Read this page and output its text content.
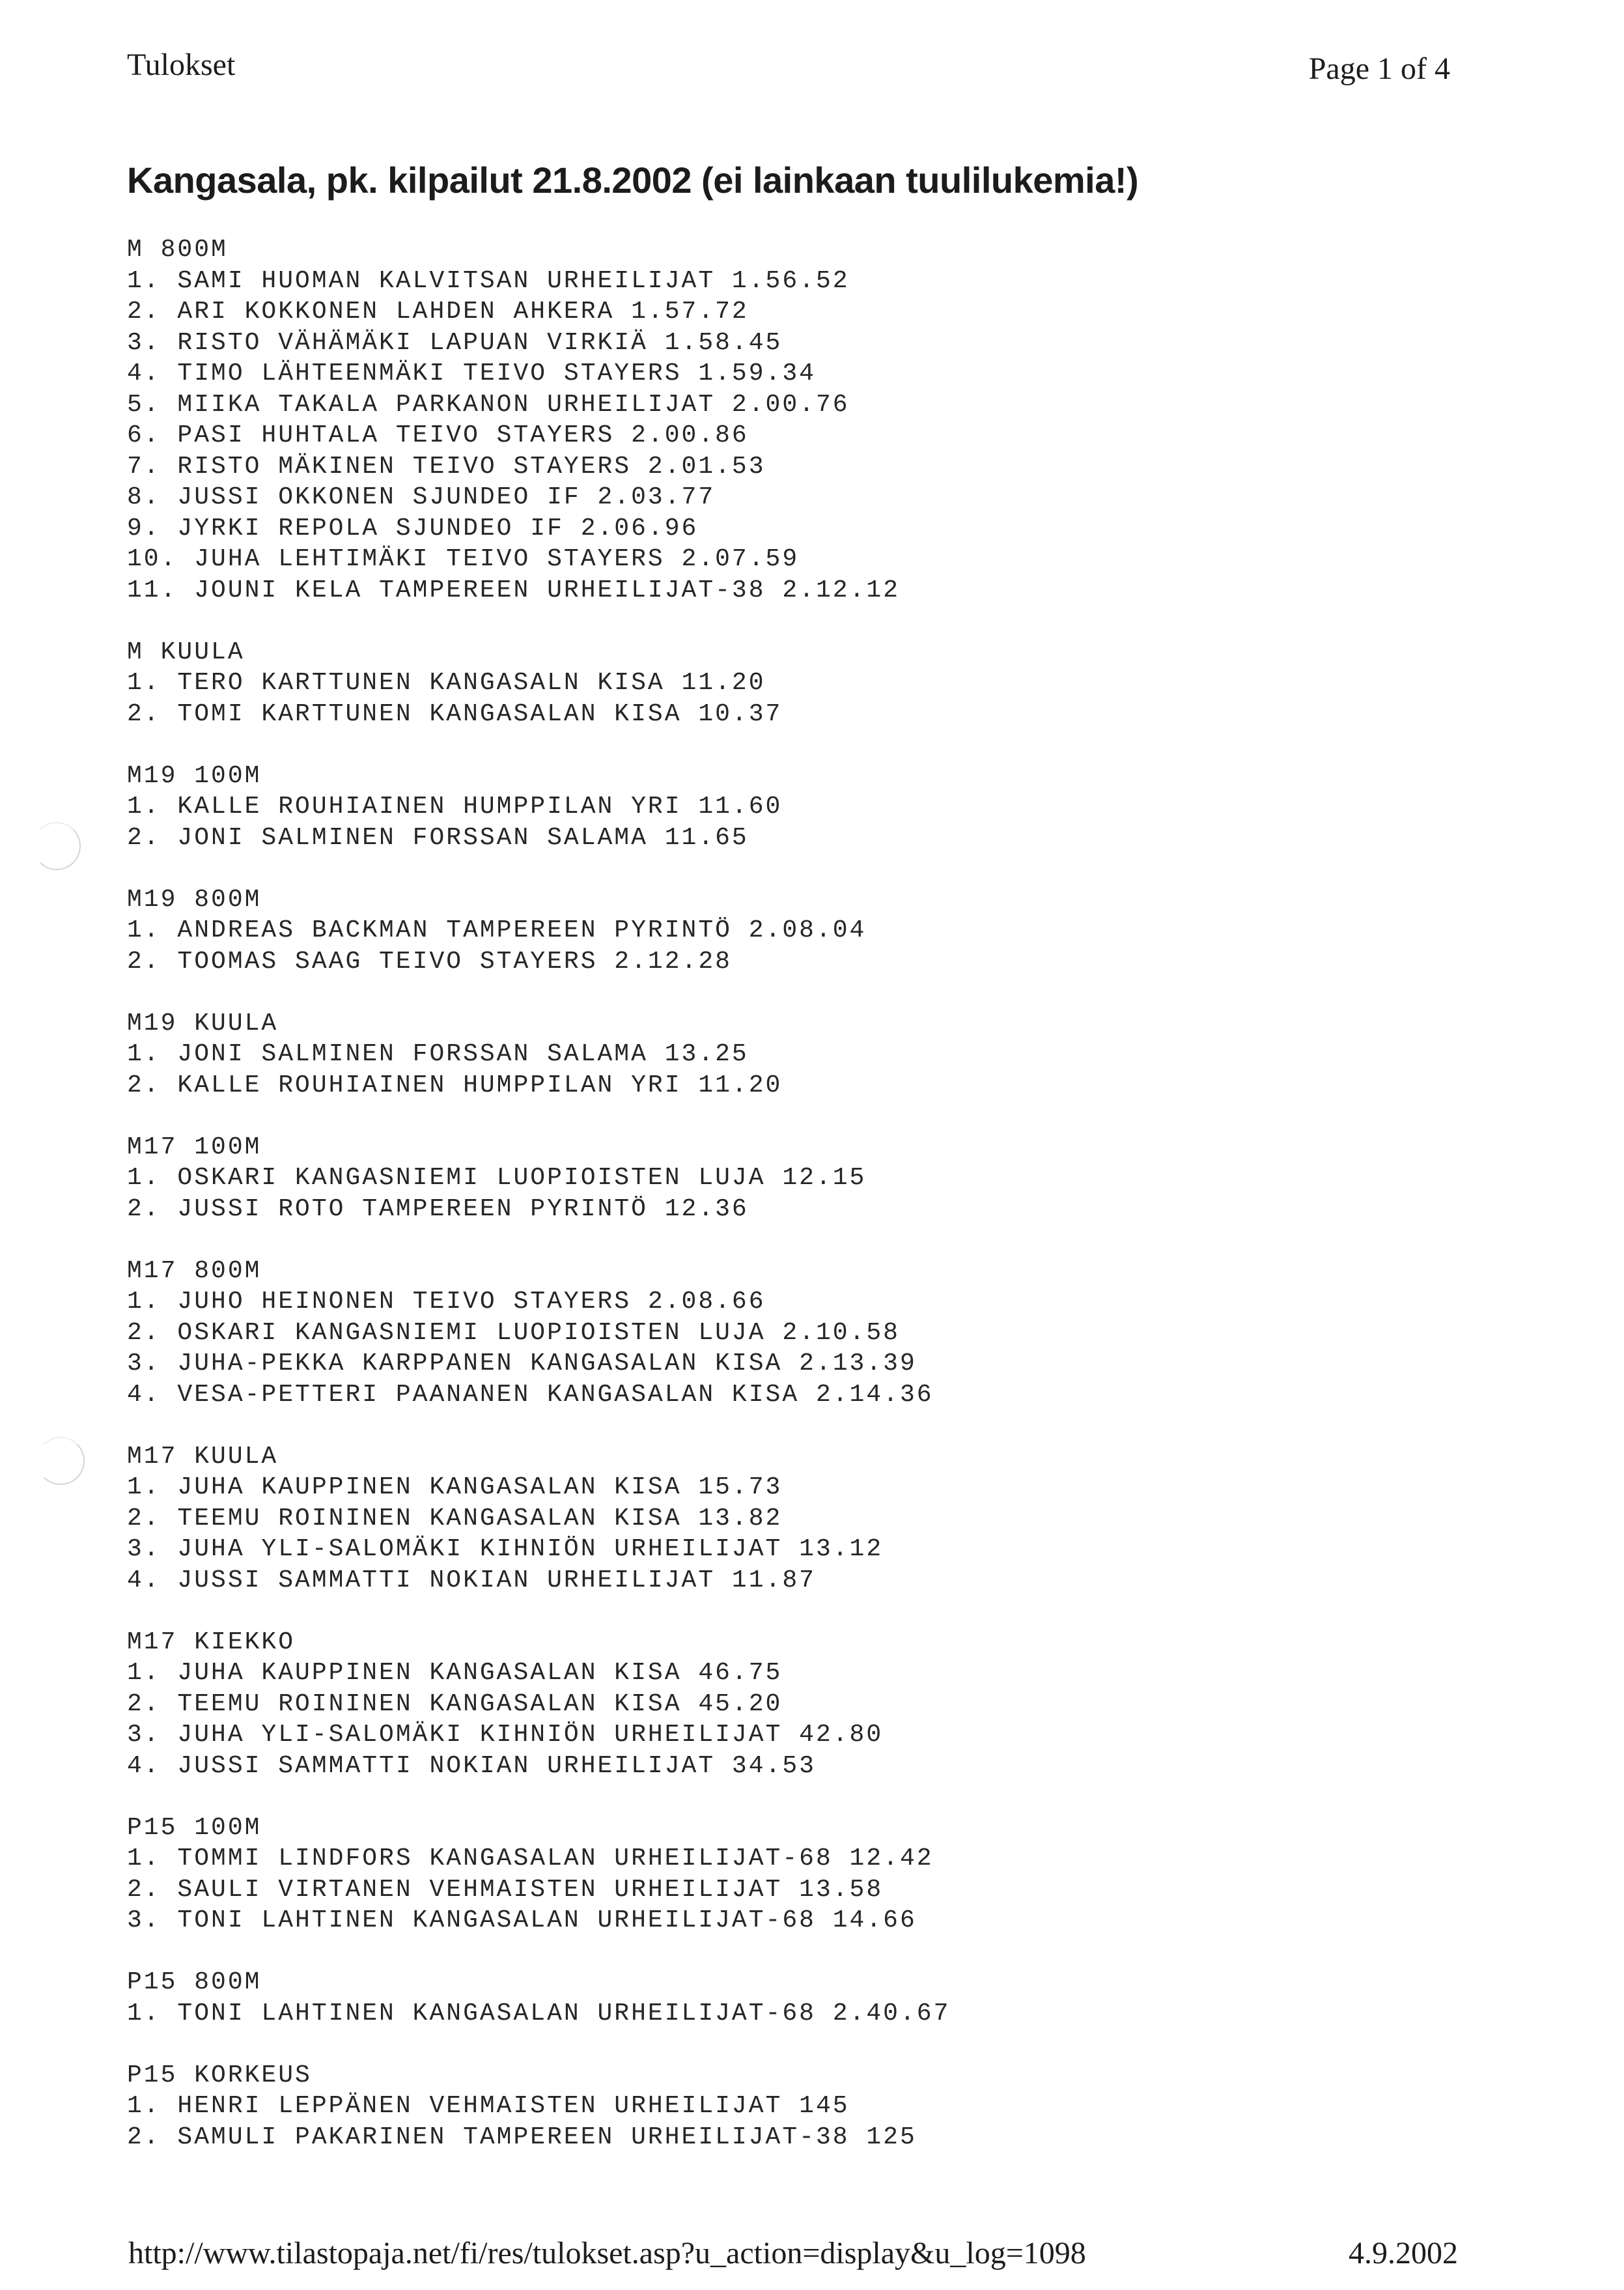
Tulokset	Page 1 of 4
Kangasala, pk. kilpailut 21.8.2002 (ei lainkaan tuulilukemia!)
M 800M
1. SAMI HUOMAN KALVITSAN URHEILIJAT 1.56.52
2. ARI KOKKONEN LAHDEN AHKERA 1.57.72
3. RISTO VÄHÄMÄKI LAPUAN VIRKIÄ 1.58.45
4. TIMO LÄHTEENMÄKI TEIVO STAYERS 1.59.34
5. MIIKA TAKALA PARKANON URHEILIJAT 2.00.76
6. PASI HUHTALA TEIVO STAYERS 2.00.86
7. RISTO MÄKINEN TEIVO STAYERS 2.01.53
8. JUSSI OKKONEN SJUNDEO IF 2.03.77
9. JYRKI REPOLA SJUNDEO IF 2.06.96
10. JUHA LEHTIMÄKI TEIVO STAYERS 2.07.59
11. JOUNI KELA TAMPEREEN URHEILIJAT-38 2.12.12
M KUULA
1. TERO KARTTUNEN KANGASALN KISA 11.20
2. TOMI KARTTUNEN KANGASALAN KISA 10.37
M19 100M
1. KALLE ROUHIAINEN HUMPPILAN YRI 11.60
2. JONI SALMINEN FORSSAN SALAMA 11.65
M19 800M
1. ANDREAS BACKMAN TAMPEREEN PYRINTÖ 2.08.04
2. TOOMAS SAAG TEIVO STAYERS 2.12.28
M19 KUULA
1. JONI SALMINEN FORSSAN SALAMA 13.25
2. KALLE ROUHIAINEN HUMPPILAN YRI 11.20
M17 100M
1. OSKARI KANGASNIEMI LUOPIOISTEN LUJA 12.15
2. JUSSI ROTO TAMPEREEN PYRINTÖ 12.36
M17 800M
1. JUHO HEINONEN TEIVO STAYERS 2.08.66
2. OSKARI KANGASNIEMI LUOPIOISTEN LUJA 2.10.58
3. JUHA-PEKKA KARPPANEN KANGASALAN KISA 2.13.39
4. VESA-PETTERI PAANANEN KANGASALAN KISA 2.14.36
M17 KUULA
1. JUHA KAUPPINEN KANGASALAN KISA 15.73
2. TEEMU ROININEN KANGASALAN KISA 13.82
3. JUHA YLI-SALOMÄKI KIHNIÖN URHEILIJAT 13.12
4. JUSSI SAMMATTI NOKIAN URHEILIJAT 11.87
M17 KIEKKO
1. JUHA KAUPPINEN KANGASALAN KISA 46.75
2. TEEMU ROININEN KANGASALAN KISA 45.20
3. JUHA YLI-SALOMÄKI KIHNIÖN URHEILIJAT 42.80
4. JUSSI SAMMATTI NOKIAN URHEILIJAT 34.53
P15 100M
1. TOMMI LINDFORS KANGASALAN URHEILIJAT-68 12.42
2. SAULI VIRTANEN VEHMAISTEN URHEILIJAT 13.58
3. TONI LAHTINEN KANGASALAN URHEILIJAT-68 14.66
P15 800M
1. TONI LAHTINEN KANGASALAN URHEILIJAT-68 2.40.67
P15 KORKEUS
1. HENRI LEPPÄNEN VEHMAISTEN URHEILIJAT 145
2. SAMULI PAKARINEN TAMPEREEN URHEILIJAT-38 125
http://www.tilastopaja.net/fi/res/tulokset.asp?u_action=display&u_log=1098	4.9.2002
